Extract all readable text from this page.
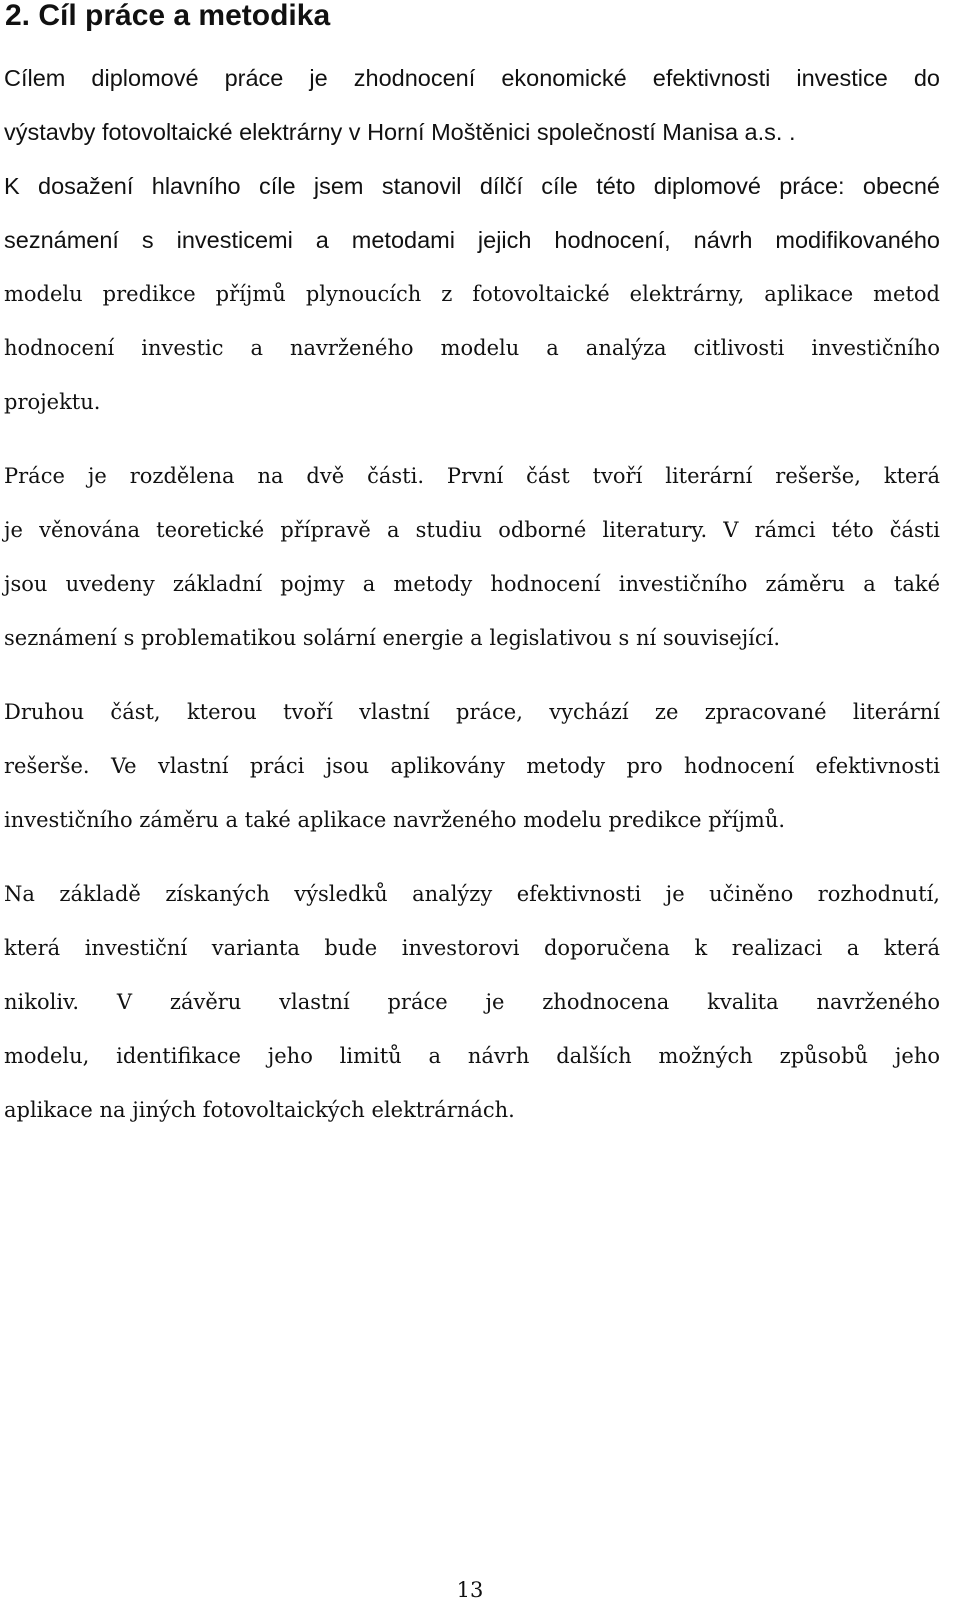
2. Cíl práce a metodika

Cílem diplomové práce je zhodnocení ekonomické efektivnosti investice do

výstavby fotovoltaické elektrárny v Horní Moštěnici společností Manisa a.s. .

K dosažení hlavního cíle jsem stanovil dílčí cíle této diplomové práce: obecné

seznámení s investicemi a metodami jejich hodnocení, návrh modifikovaného

modelu predikce příjmů plynoucích z fotovoltaické elektrárny, aplikace metod

hodnocení investic a navrženého modelu a analýza citlivosti investičního

projektu.

Práce je rozdělena na dvě části. První část tvoří literární rešerše, která

je věnována teoretické přípravě a studiu odborné literatury. V rámci této části

jsou uvedeny základní pojmy a metody hodnocení investičního záměru a také

seznámení s problematikou solární energie a legislativou s ní související.

Druhou část, kterou tvoří vlastní práce, vychází ze zpracované literární

rešerše. Ve vlastní práci jsou aplikovány metody pro hodnocení efektivnosti

investičního záměru a také aplikace navrženého modelu predikce příjmů.

Na základě získaných výsledků analýzy efektivnosti je učiněno rozhodnutí,

která investiční varianta bude investorovi doporučena k realizaci a která

nikoliv. V závěru vlastní práce je zhodnocena kvalita navrženého

modelu, identifikace jeho limitů a návrh dalších možných způsobů jeho

aplikace na jiných fotovoltaických elektrárnách.

13
